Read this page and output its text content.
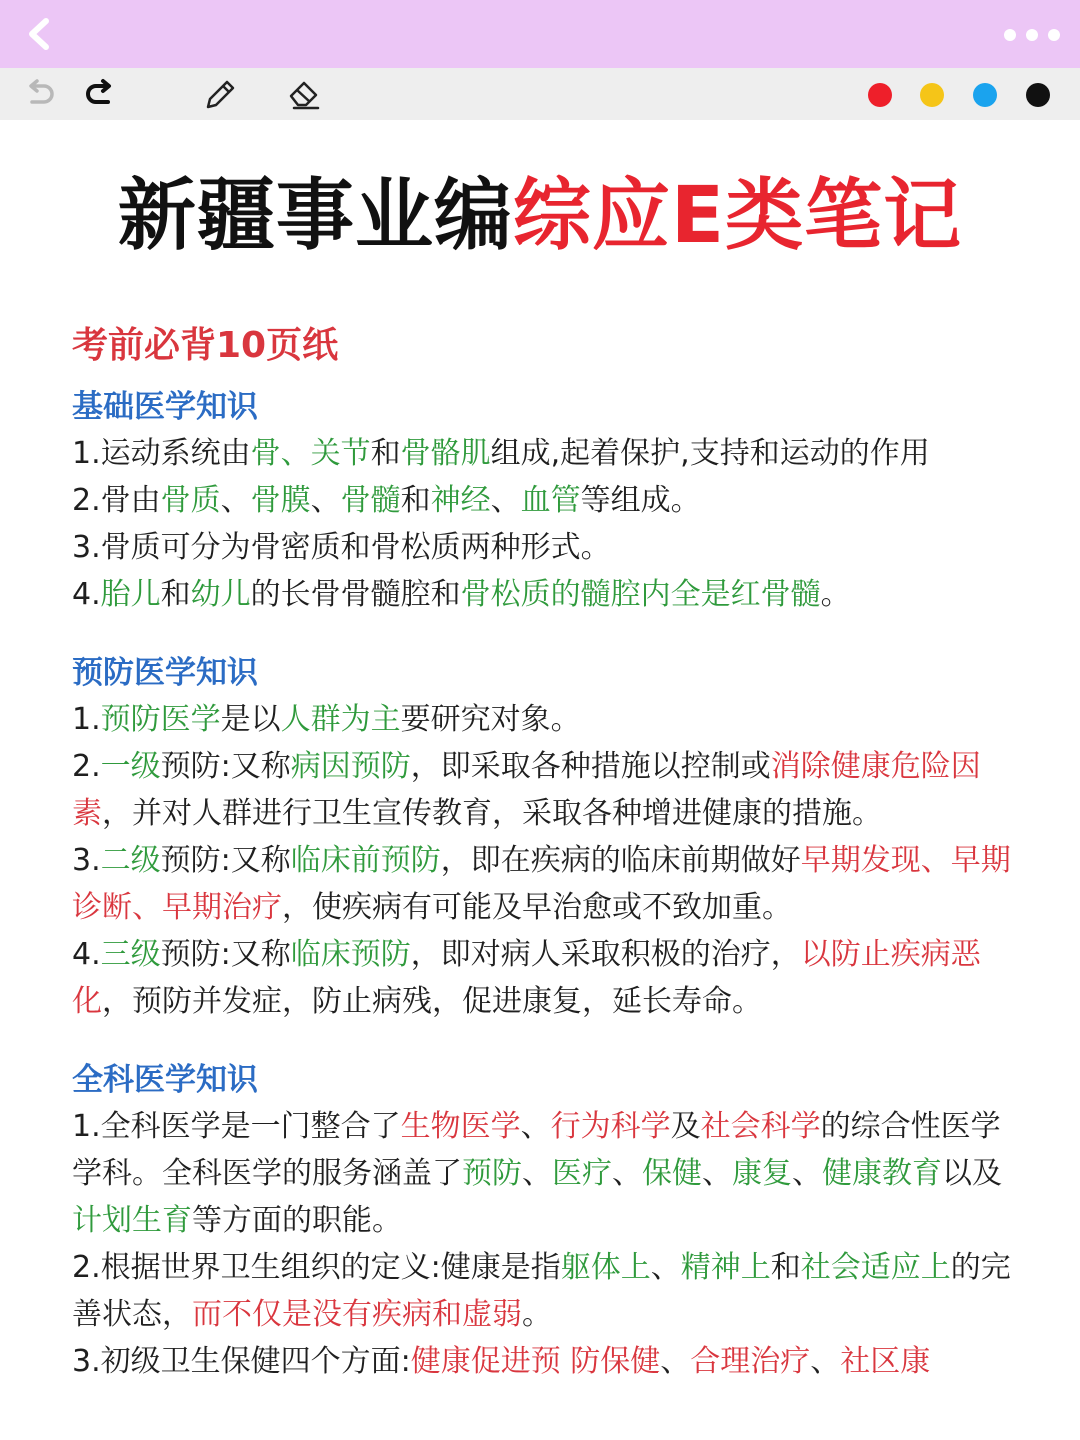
新疆事业编综应E类笔记
考前必背10页纸
基础医学知识
1.运动系统由骨、关节和骨骼肌组成,起着保护,支持和运动的作用
2.骨由骨质、骨膜、骨髓和神经、血管等组成。
3.骨质可分为骨密质和骨松质两种形式。
4.胎儿和幼儿的长骨骨髓腔和骨松质的髓腔内全是红骨髓。
预防医学知识
1.预防医学是以人群为主要研究对象。
2.一级预防:又称病因预防，即采取各种措施以控制或消除健康危险因素，并对人群进行卫生宣传教育，采取各种增进健康的措施。
3.二级预防:又称临床前预防，即在疾病的临床前期做好早期发现、早期诊断、早期治疗，使疾病有可能及早治愈或不致加重。
4.三级预防:又称临床预防，即对病人采取积极的治疗，以防止疾病恶化，预防并发症，防止病残，促进康复，延长寿命。
全科医学知识
1.全科医学是一门整合了生物医学、行为科学及社会科学的综合性医学学科。全科医学的服务涵盖了预防、医疗、保健、康复、健康教育以及计划生育等方面的职能。
2.根据世界卫生组织的定义:健康是指躯体上、精神上和社会适应上的完善状态，而不仅是没有疾病和虚弱。
3.初级卫生保健四个方面:健康促进预 防保健、合理治疗、社区康
